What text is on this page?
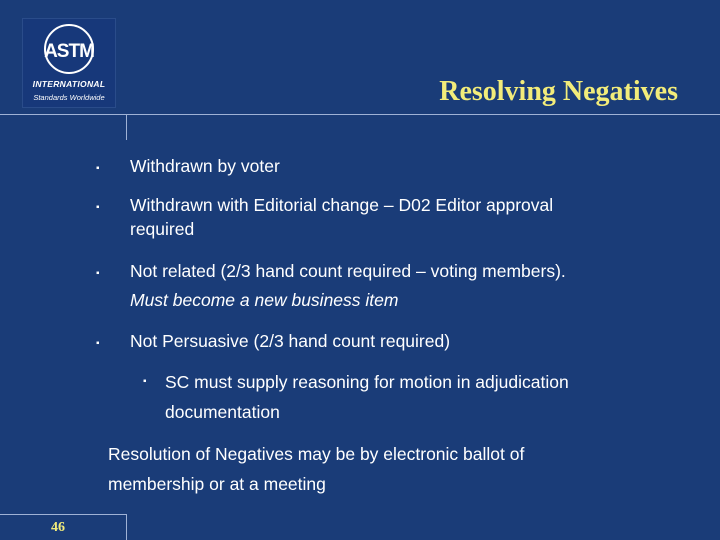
ASTM
INTERNATIONAL
Standards Worldwide	Resolving Negatives
▪ Withdrawn by voter
▪ Withdrawn with Editorial change – D02 Editor approval
required
▪ Not related (2/3 hand count required – voting members).
Must become a new business item
▪ Not Persuasive (2/3 hand count required)
▪ SC must supply reasoning for motion in adjudication
documentation
Resolution of Negatives may be by electronic ballot of
membership or at a meeting
46
